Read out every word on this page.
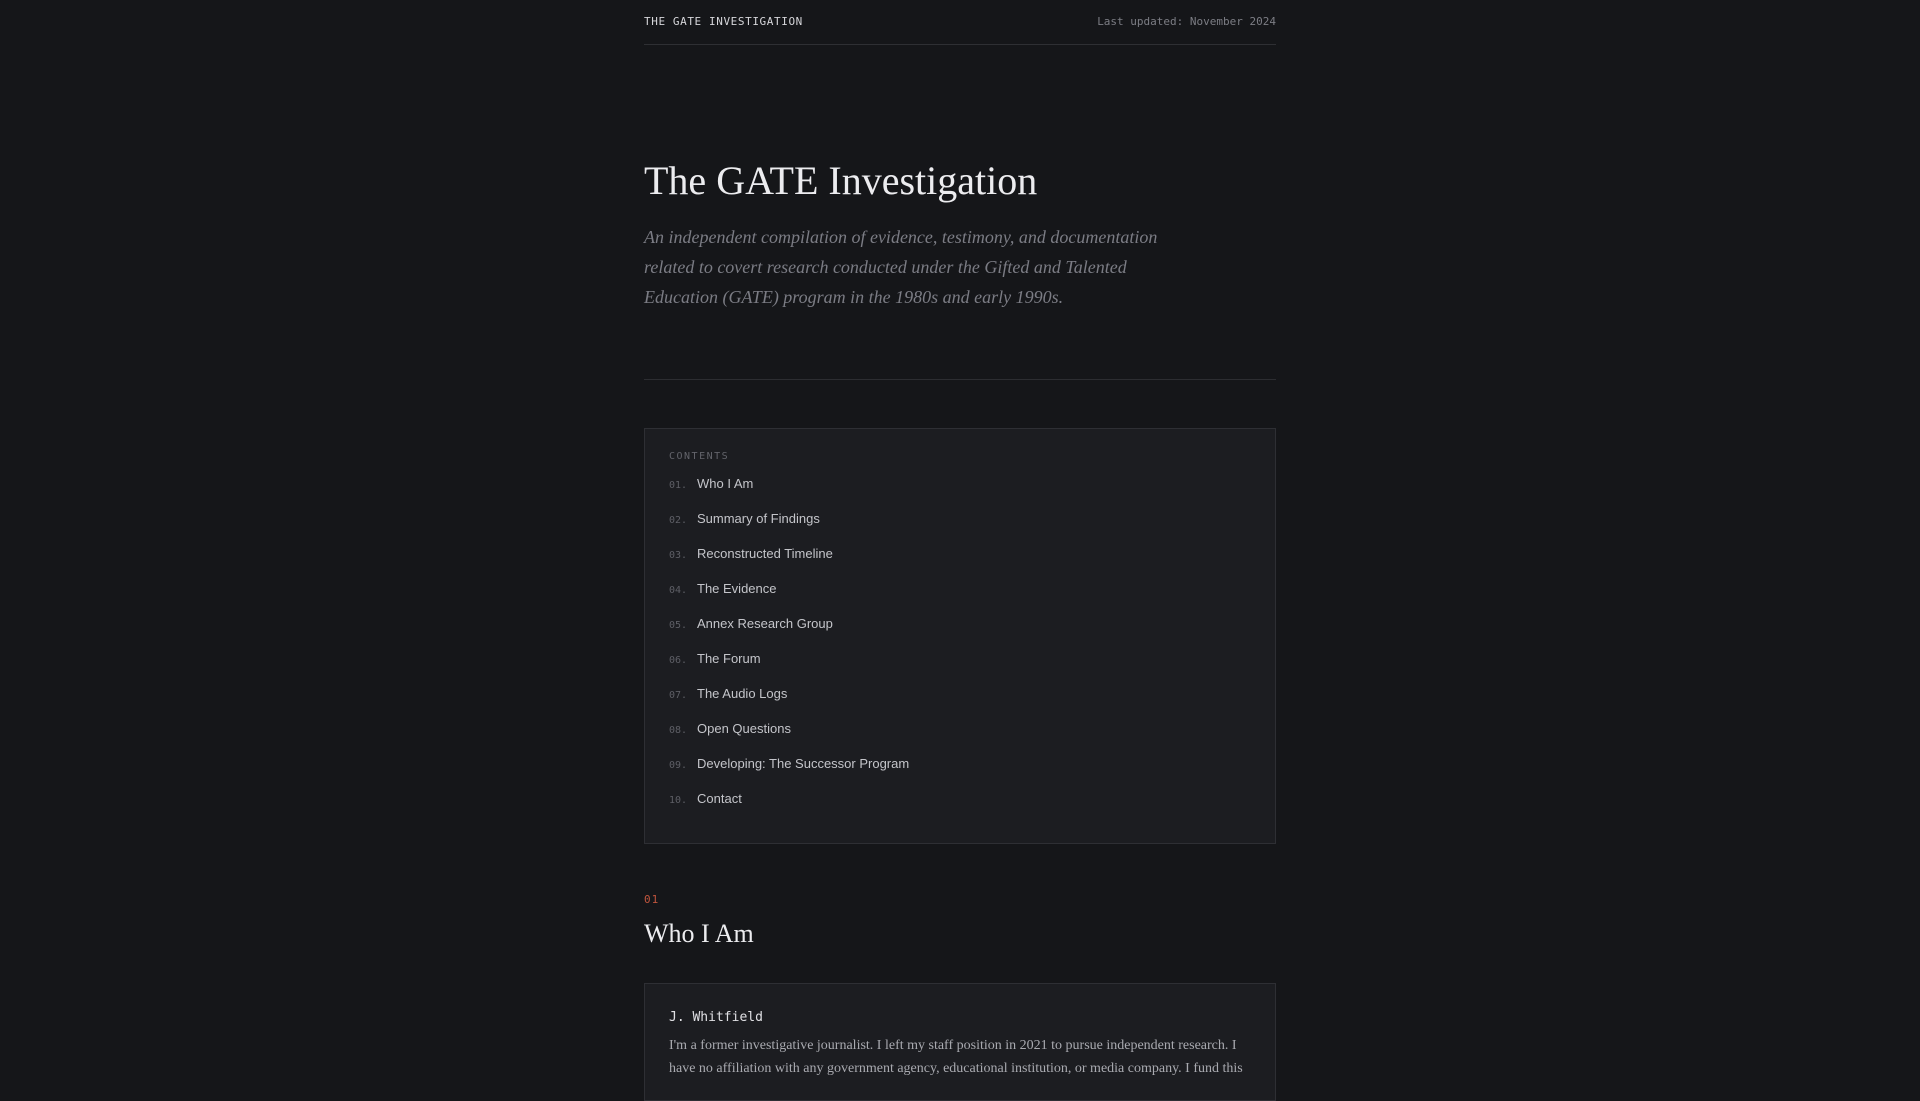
THE GATE INVESTIGATION	Last updated: November 2024
The GATE Investigation

An independent compilation of evidence, testimony, and documentation related to covert research conducted under the Gifted and Talented Education (GATE) program in the 1980s and early 1990s.

CONTENTS
01. Who I Am
02. Summary of Findings
03. Reconstructed Timeline
04. The Evidence
05. Annex Research Group
06. The Forum
07. The Audio Logs
08. Open Questions
09. Developing: The Successor Program
10. Contact
01
Who I Am
J. Whitfield

I'm a former investigative journalist. I left my staff position in 2021 to pursue independent research. I have no affiliation with any government agency, educational institution, or media company. I fund this
